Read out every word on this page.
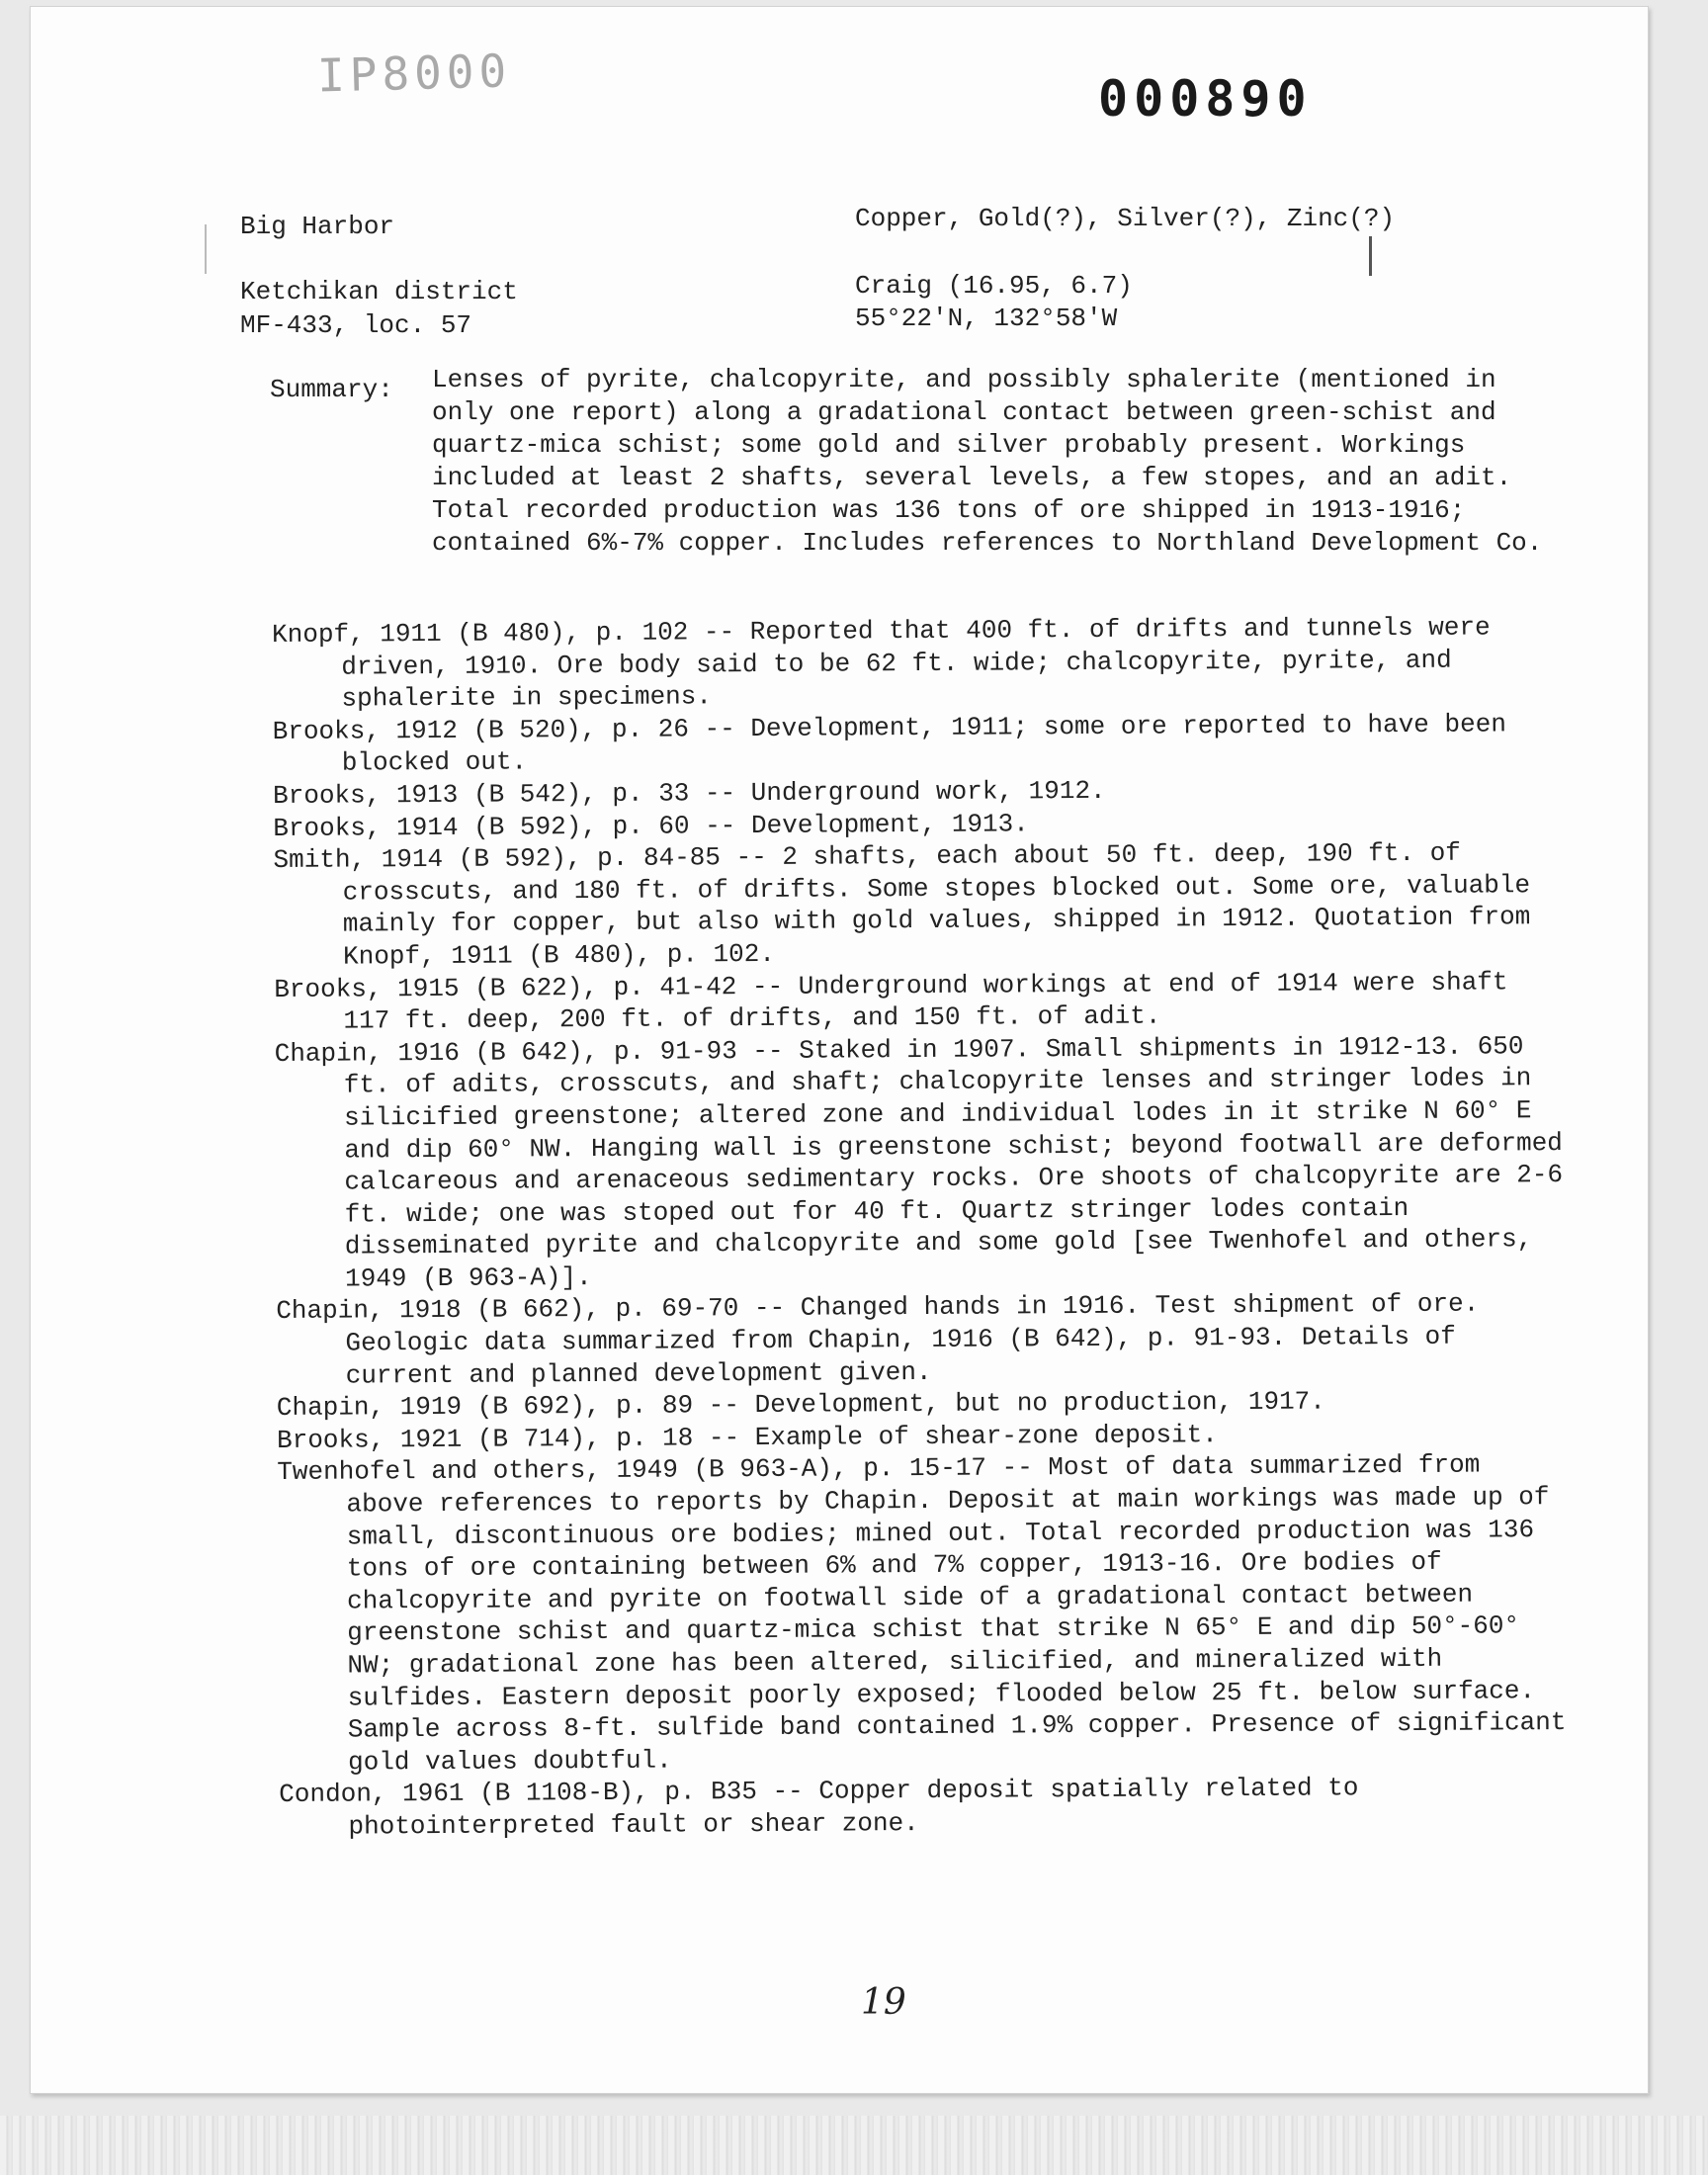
IP8000	000890
Big Harbor
Ketchikan district
MF-433, loc. 57
Copper, Gold(?), Silver(?), Zinc(?)
Craig (16.95, 6.7)
55°22'N, 132°58'W
Summary: Lenses of pyrite, chalcopyrite, and possibly sphalerite (mentioned in only one report) along a gradational contact between green-schist and quartz-mica schist; some gold and silver probably present. Workings included at least 2 shafts, several levels, a few stopes, and an adit. Total recorded production was 136 tons of ore shipped in 1913-1916; contained 6%-7% copper. Includes references to Northland Development Co.
Knopf, 1911 (B 480), p. 102 -- Reported that 400 ft. of drifts and tunnels were driven, 1910. Ore body said to be 62 ft. wide; chalcopyrite, pyrite, and sphalerite in specimens.
Brooks, 1912 (B 520), p. 26 -- Development, 1911; some ore reported to have been blocked out.
Brooks, 1913 (B 542), p. 33 -- Underground work, 1912.
Brooks, 1914 (B 592), p. 60 -- Development, 1913.
Smith, 1914 (B 592), p. 84-85 -- 2 shafts, each about 50 ft. deep, 190 ft. of crosscuts, and 180 ft. of drifts. Some stopes blocked out. Some ore, valuable mainly for copper, but also with gold values, shipped in 1912. Quotation from Knopf, 1911 (B 480), p. 102.
Brooks, 1915 (B 622), p. 41-42 -- Underground workings at end of 1914 were shaft 117 ft. deep, 200 ft. of drifts, and 150 ft. of adit.
Chapin, 1916 (B 642), p. 91-93 -- Staked in 1907. Small shipments in 1912-13. 650 ft. of adits, crosscuts, and shaft; chalcopyrite lenses and stringer lodes in silicified greenstone; altered zone and individual lodes in it strike N 60° E and dip 60° NW. Hanging wall is greenstone schist; beyond footwall are deformed calcareous and arenaceous sedimentary rocks. Ore shoots of chalcopyrite are 2-6 ft. wide; one was stoped out for 40 ft. Quartz stringer lodes contain disseminated pyrite and chalcopyrite and some gold [see Twenhofel and others, 1949 (B 963-A)].
Chapin, 1918 (B 662), p. 69-70 -- Changed hands in 1916. Test shipment of ore. Geologic data summarized from Chapin, 1916 (B 642), p. 91-93. Details of current and planned development given.
Chapin, 1919 (B 692), p. 89 -- Development, but no production, 1917.
Brooks, 1921 (B 714), p. 18 -- Example of shear-zone deposit.
Twenhofel and others, 1949 (B 963-A), p. 15-17 -- Most of data summarized from above references to reports by Chapin. Deposit at main workings was made up of small, discontinuous ore bodies; mined out. Total recorded production was 136 tons of ore containing between 6% and 7% copper, 1913-16. Ore bodies of chalcopyrite and pyrite on footwall side of a gradational contact between greenstone schist and quartz-mica schist that strike N 65° E and dip 50°-60° NW; gradational zone has been altered, silicified, and mineralized with sulfides. Eastern deposit poorly exposed; flooded below 25 ft. below surface. Sample across 8-ft. sulfide band contained 1.9% copper. Presence of significant gold values doubtful.
Condon, 1961 (B 1108-B), p. B35 -- Copper deposit spatially related to photointerpreted fault or shear zone.
19
